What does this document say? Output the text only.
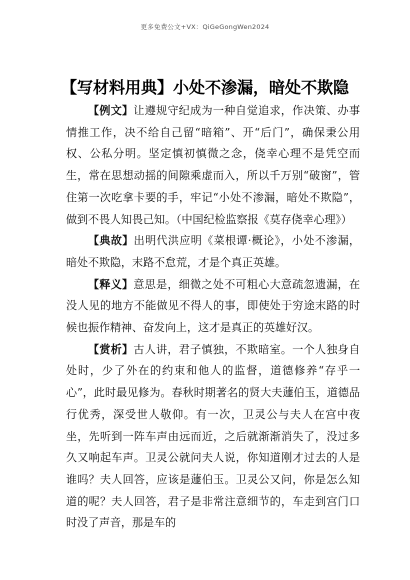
更多免费公文+VX：QiGeGongWen2024
【写材料用典】小处不渗漏，暗处不欺隐

【例文】让遵规守纪成为一种自觉追求，作决策、办事情推工作，决不给自己留“暗箱”、开“后门”，确保秉公用权、公私分明。坚定慎初慎微之念，侥幸心理不是凭空而生，常在思想动摇的间隙乘虚而入，所以千万别“破窗”，管住第一次吃拿卡要的手，牢记“小处不渗漏，暗处不欺隐”，做到不畏人知畏己知。（中国纪检监察报《莫存侥幸心理》）

【典故】出明代洪应明《菜根谭·概论》，小处不渗漏，暗处不欺隐，末路不怠荒，才是个真正英雄。

【释义】意思是，细微之处不可粗心大意疏忽遗漏，在没人见的地方不能做见不得人的事，即使处于穷途末路的时候也振作精神、奋发向上，这才是真正的英雄好汉。

【赏析】古人讲，君子慎独，不欺暗室。一个人独身自处时，少了外在的约束和他人的监督，道德修养“存乎一心”，此时最见修为。春秋时期著名的贤大夫蘧伯玉，道德品行优秀，深受世人敬仰。有一次，卫灵公与夫人在宫中夜坐，先听到一阵车声由远而近，之后就渐渐消失了，没过多久又响起车声。卫灵公就问夫人说，你知道刚才过去的人是谁吗？夫人回答，应该是蘧伯玉。卫灵公又问，你是怎么知道的呢？夫人回答，君子是非常注意细节的，车走到宫门口时没了声音，那是车的
